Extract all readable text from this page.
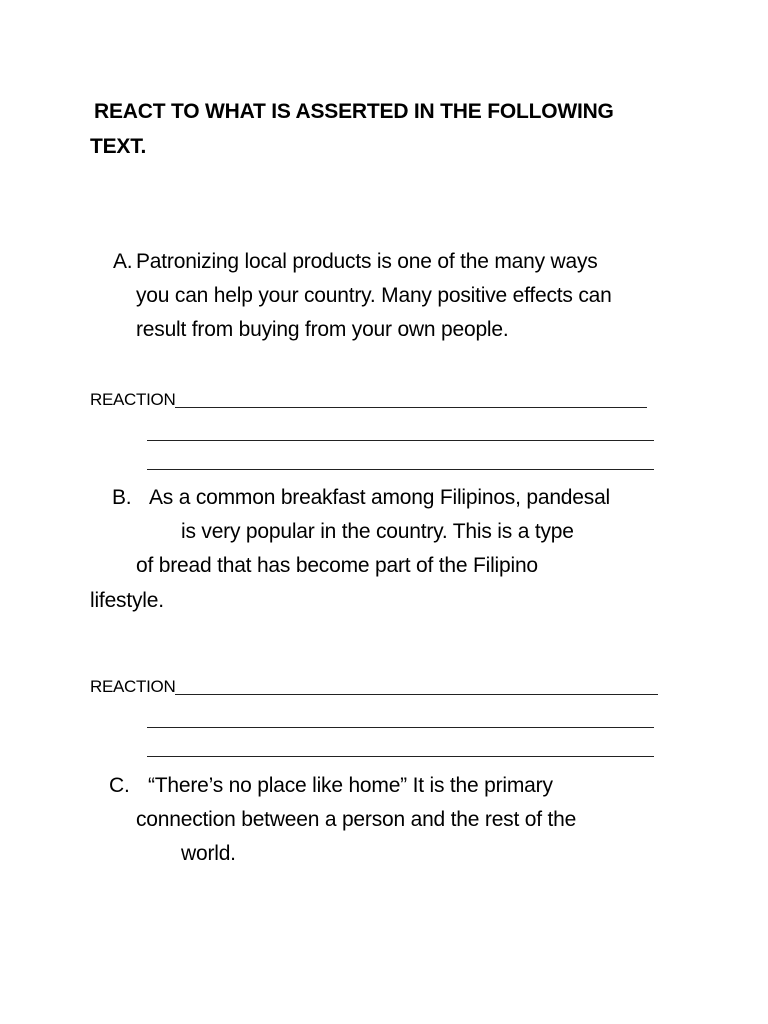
REACT TO WHAT IS ASSERTED IN THE FOLLOWING
TEXT.
A. Patronizing local products is one of the many ways
you can help your country. Many positive effects can
result from buying from your own people.
REACTION
B. As a common breakfast among Filipinos, pandesal
is very popular in the country. This is a type
of bread that has become part of the Filipino
lifestyle.
REACTION
C. “There’s no place like home” It is the primary
connection between a person and the rest of the
world.
